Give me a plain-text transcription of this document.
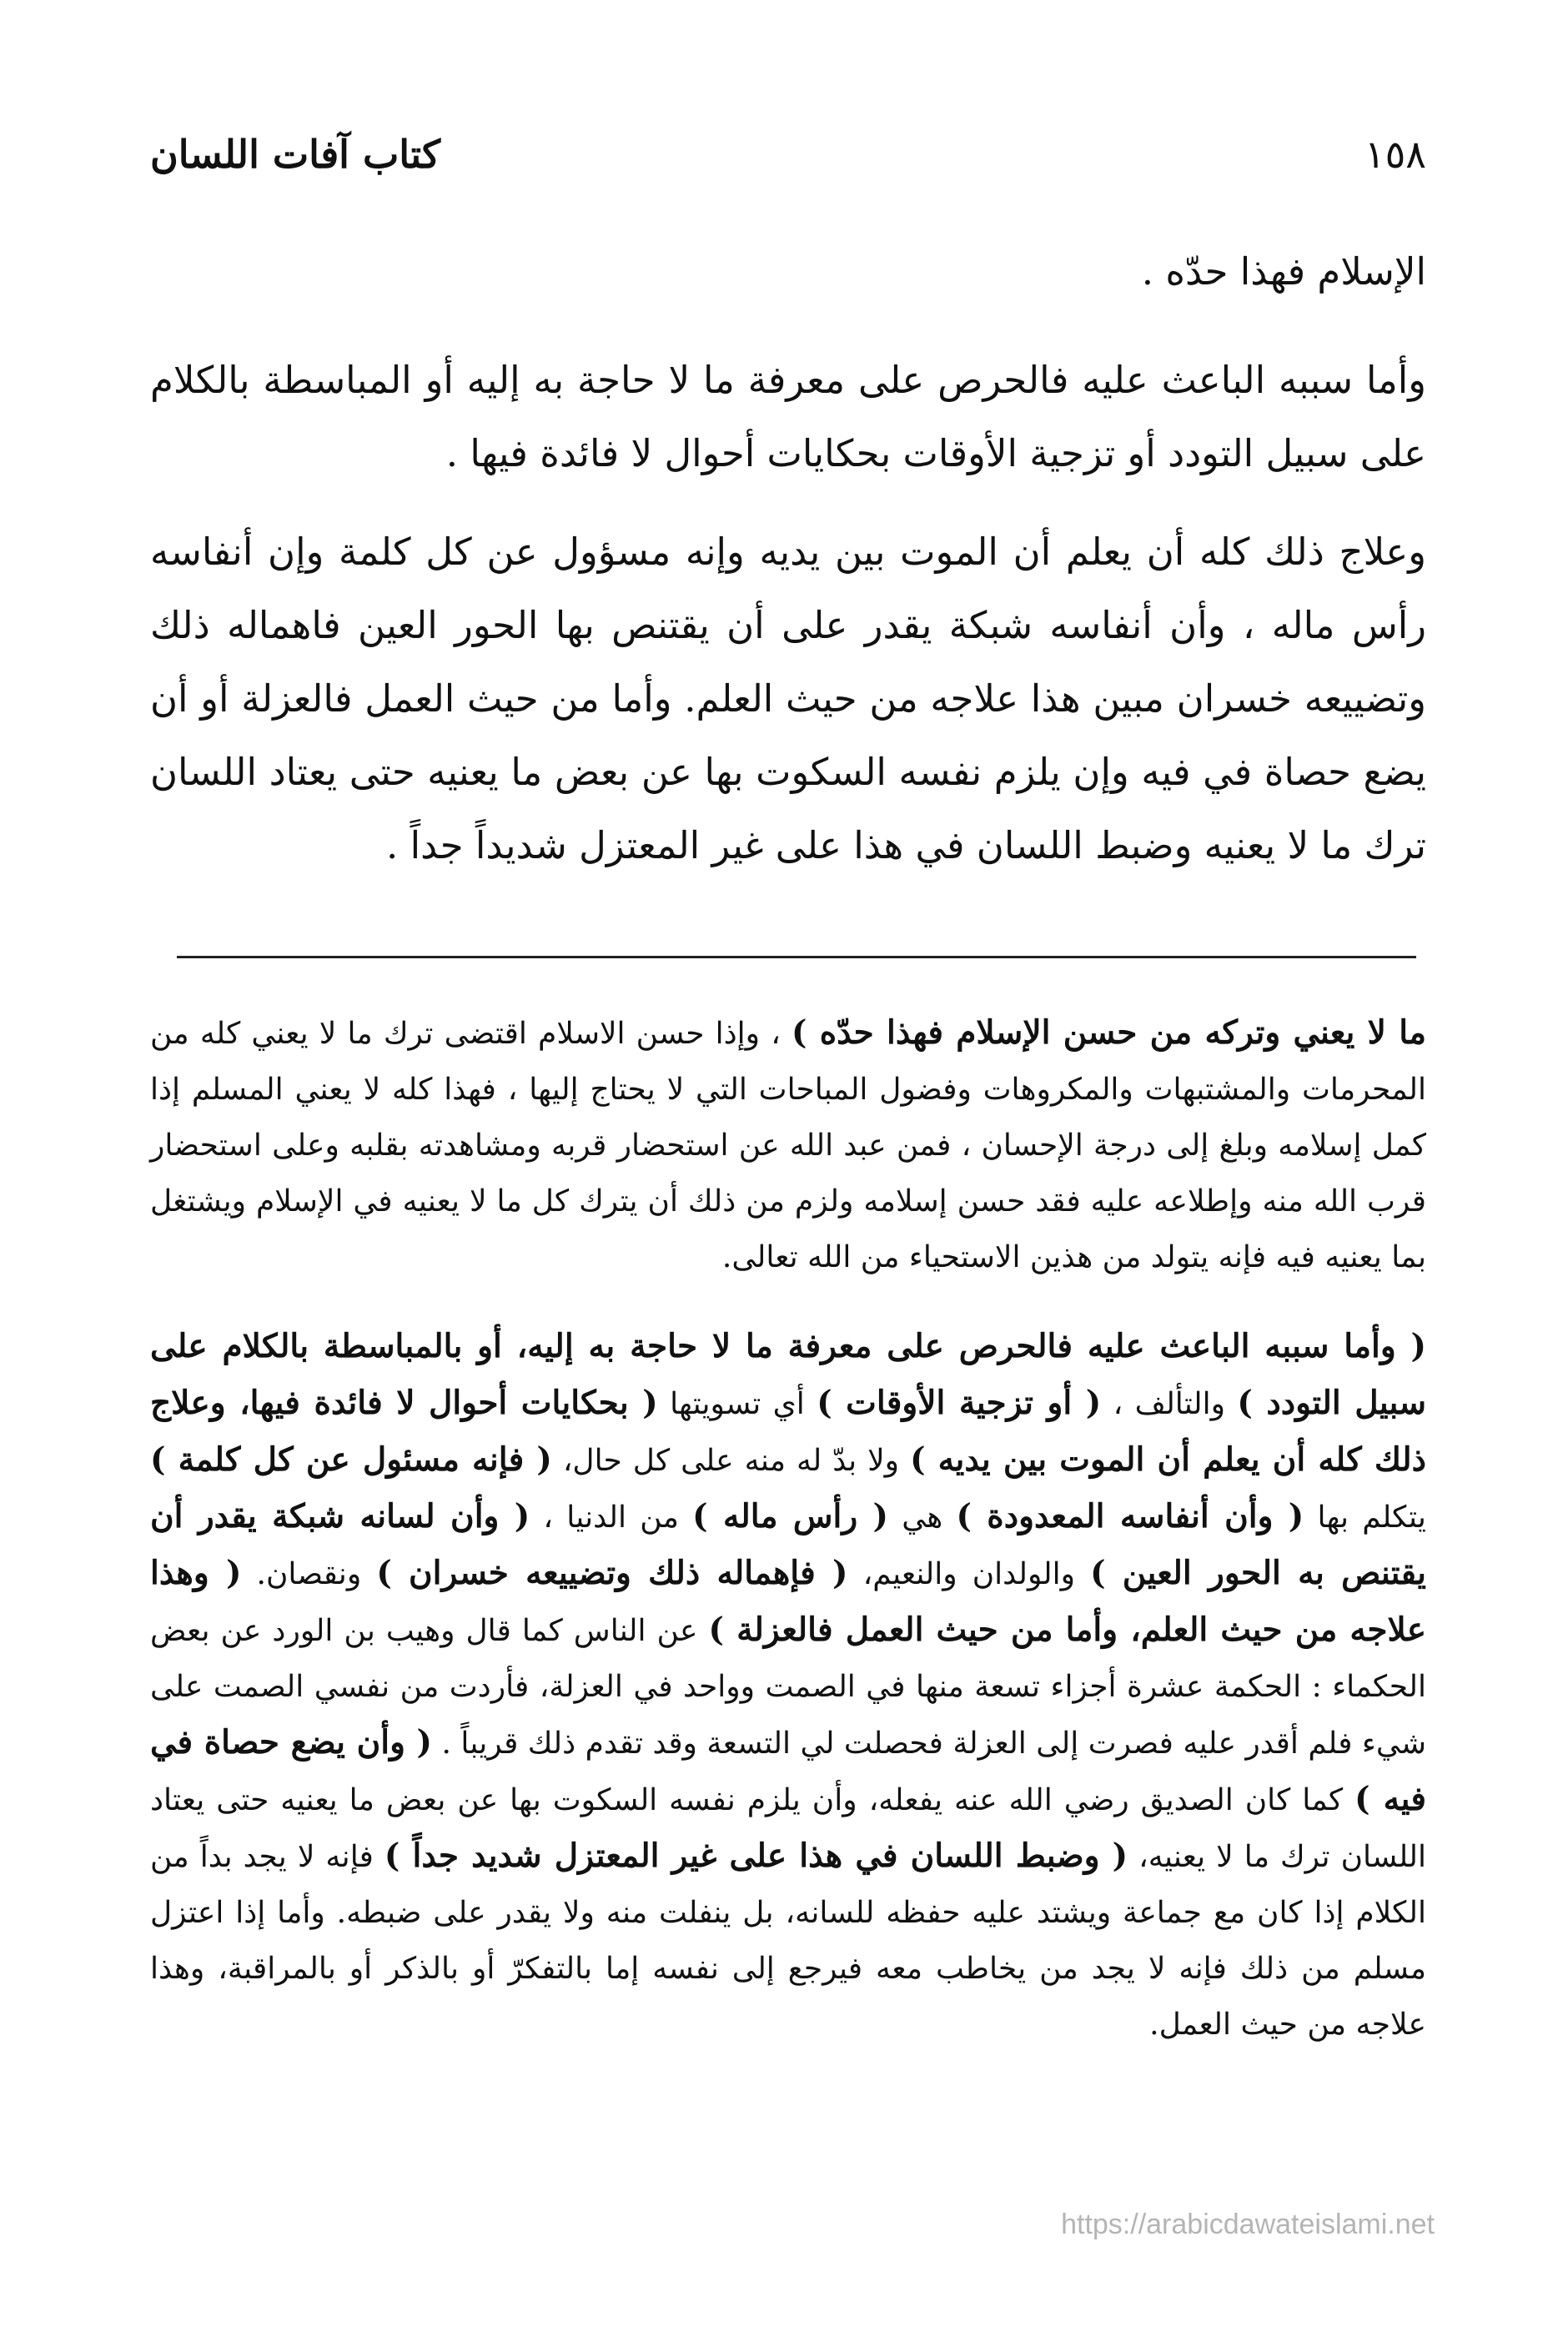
١٥٨
كتاب آفات اللسان

الإسلام فهذا حدّه .

وأما سببه الباعث عليه فالحرص على معرفة ما لا حاجة به إليه أو المباسطة بالكلام على سبيل التودد أو تزجية الأوقات بحكايات أحوال لا فائدة فيها .

وعلاج ذلك كله أن يعلم أن الموت بين يديه وإنه مسؤول عن كل كلمة وإن أنفاسه رأس ماله ، وأن أنفاسه شبكة يقدر على أن يقتنص بها الحور العين فاهماله ذلك وتضييعه خسران مبين هذا علاجه من حيث العلم. وأما من حيث العمل فالعزلة أو أن يضع حصاة في فيه وإن يلزم نفسه السكوت بها عن بعض ما يعنيه حتى يعتاد اللسان ترك ما لا يعنيه وضبط اللسان في هذا على غير المعتزل شديداً جداً .

ما لا يعني وتركه من حسن الإسلام فهذا حدّه ) ، وإذا حسن الاسلام اقتضى ترك ما لا يعني كله من المحرمات والمشتبهات والمكروهات وفضول المباحات التي لا يحتاج إليها ، فهذا كله لا يعني المسلم إذا كمل إسلامه وبلغ إلى درجة الإحسان ، فمن عبد الله عن استحضار قربه ومشاهدته بقلبه وعلى استحضار قرب الله منه وإطلاعه عليه فقد حسن إسلامه ولزم من ذلك أن يترك كل ما لا يعنيه في الإسلام ويشتغل بما يعنيه فيه فإنه يتولد من هذين الاستحياء من الله تعالى.

( وأما سببه الباعث عليه فالحرص على معرفة ما لا حاجة به إليه، أو بالمباسطة بالكلام على سبيل التودد ) والتألف ، ( أو تزجية الأوقات ) أي تسويتها ( بحكايات أحوال لا فائدة فيها، وعلاج ذلك كله أن يعلم أن الموت بين يديه ) ولا بدّ له منه على كل حال، ( فإنه مسئول عن كل كلمة ) يتكلم بها ( وأن أنفاسه المعدودة ) هي ( رأس ماله ) من الدنيا ، ( وأن لسانه شبكة يقدر أن يقتنص به الحور العين ) والولدان والنعيم، ( فإهماله ذلك وتضييعه خسران ) ونقصان. ( وهذا علاجه من حيث العلم، وأما من حيث العمل فالعزلة ) عن الناس كما قال وهيب بن الورد عن بعض الحكماء : الحكمة عشرة أجزاء تسعة منها في الصمت وواحد في العزلة، فأردت من نفسي الصمت على شيء فلم أقدر عليه فصرت إلى العزلة فحصلت لي التسعة وقد تقدم ذلك قريباً . ( وأن يضع حصاة في فيه ) كما كان الصديق رضي الله عنه يفعله، وأن يلزم نفسه السكوت بها عن بعض ما يعنيه حتى يعتاد اللسان ترك ما لا يعنيه، ( وضبط اللسان في هذا على غير المعتزل شديد جداً ) فإنه لا يجد بداً من الكلام إذا كان مع جماعة ويشتد عليه حفظه للسانه، بل ينفلت منه ولا يقدر على ضبطه. وأما إذا اعتزل مسلم من ذلك فإنه لا يجد من يخاطب معه فيرجع إلى نفسه إما بالتفكرّ أو بالذكر أو بالمراقبة، وهذا علاجه من حيث العمل.

https://arabicdawateislami.net
